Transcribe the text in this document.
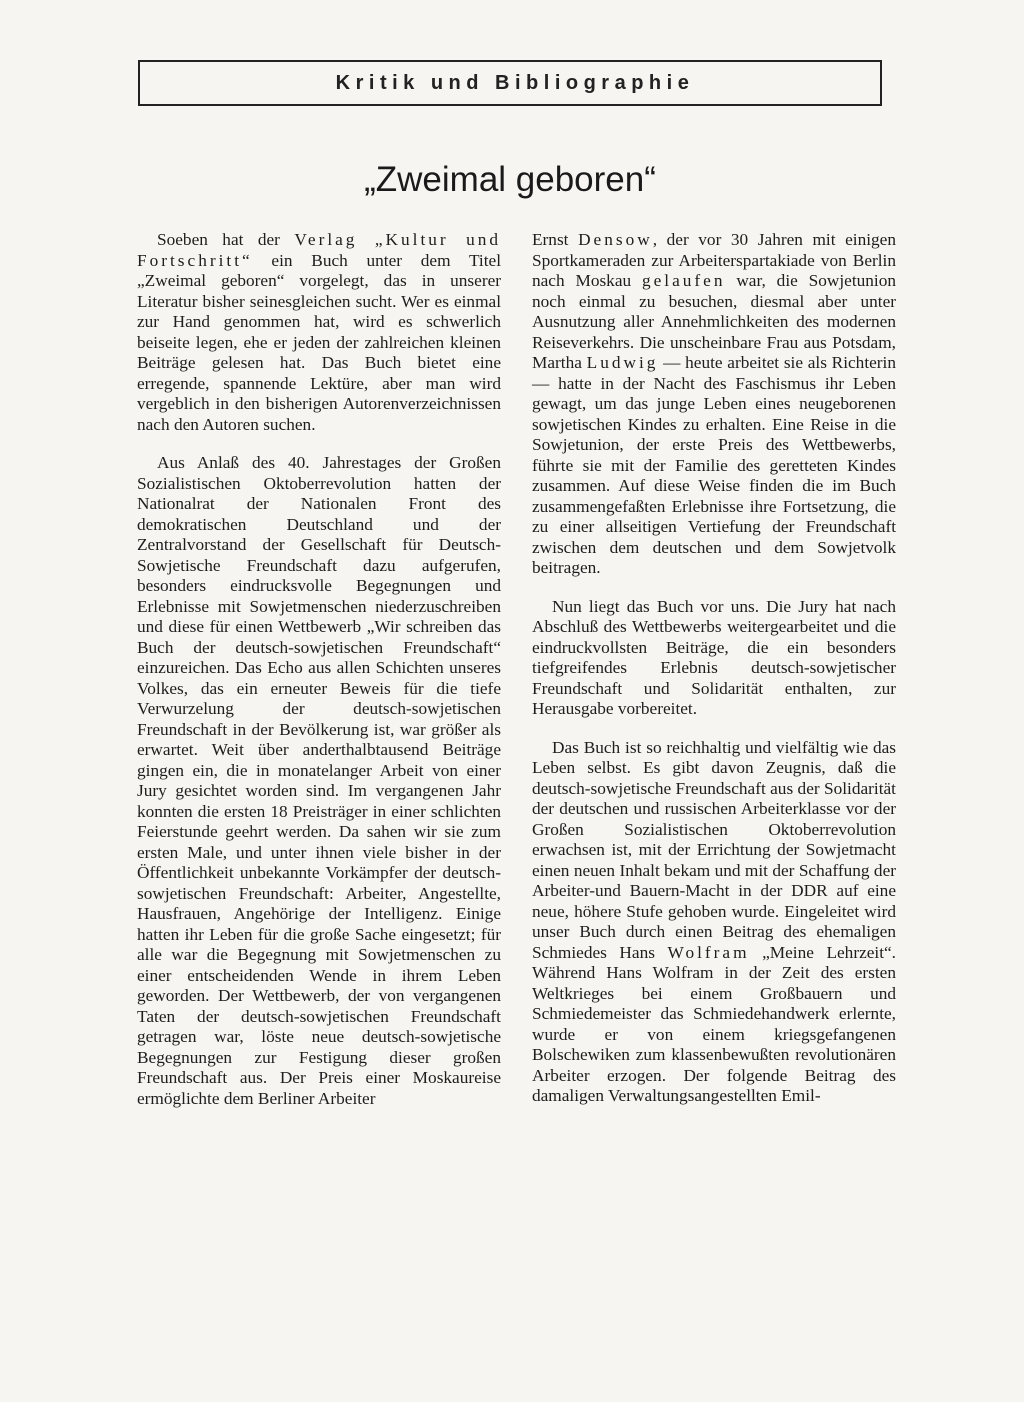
Kritik und Bibliographie
„Zweimal geboren“

Soeben hat der Verlag „Kultur und Fortschritt“ ein Buch unter dem Titel „Zweimal geboren“ vorgelegt, das in unserer Literatur bisher seinesgleichen sucht. Wer es einmal zur Hand genommen hat, wird es schwerlich beiseite legen, ehe er jeden der zahlreichen kleinen Beiträge gelesen hat. Das Buch bietet eine erregende, spannende Lektüre, aber man wird vergeblich in den bisherigen Autorenverzeichnissen nach den Autoren suchen.

Aus Anlaß des 40. Jahrestages der Großen Sozialistischen Oktoberrevolution hatten der Nationalrat der Nationalen Front des demokratischen Deutschland und der Zentralvorstand der Gesellschaft für Deutsch-Sowjetische Freundschaft dazu aufgerufen, besonders eindrucksvolle Begegnungen und Erlebnisse mit Sowjetmenschen niederzuschreiben und diese für einen Wettbewerb „Wir schreiben das Buch der deutsch-sowjetischen Freundschaft“ einzureichen. Das Echo aus allen Schichten unseres Volkes, das ein erneuter Beweis für die tiefe Verwurzelung der deutsch-sowjetischen Freundschaft in der Bevölkerung ist, war größer als erwartet. Weit über anderthalbtausend Beiträge gingen ein, die in monatelanger Arbeit von einer Jury gesichtet worden sind. Im vergangenen Jahr konnten die ersten 18 Preisträger in einer schlichten Feierstunde geehrt werden. Da sahen wir sie zum ersten Male, und unter ihnen viele bisher in der Öffentlichkeit unbekannte Vorkämpfer der deutsch-sowjetischen Freundschaft: Arbeiter, Angestellte, Hausfrauen, Angehörige der Intelligenz. Einige hatten ihr Leben für die große Sache eingesetzt; für alle war die Begegnung mit Sowjetmenschen zu einer entscheidenden Wende in ihrem Leben geworden. Der Wettbewerb, der von vergangenen Taten der deutsch-sowjetischen Freundschaft getragen war, löste neue deutsch-sowjetische Begegnungen zur Festigung dieser großen Freundschaft aus. Der Preis einer Moskaureise ermöglichte dem Berliner Arbeiter

Ernst Densow, der vor 30 Jahren mit einigen Sportkameraden zur Arbeiterspartakiade von Berlin nach Moskau gelaufen war, die Sowjetunion noch einmal zu besuchen, diesmal aber unter Ausnutzung aller Annehmlichkeiten des modernen Reiseverkehrs. Die unscheinbare Frau aus Potsdam, Martha Ludwig — heute arbeitet sie als Richterin — hatte in der Nacht des Faschismus ihr Leben gewagt, um das junge Leben eines neugeborenen sowjetischen Kindes zu erhalten. Eine Reise in die Sowjetunion, der erste Preis des Wettbewerbs, führte sie mit der Familie des geretteten Kindes zusammen. Auf diese Weise finden die im Buch zusammengefaßten Erlebnisse ihre Fortsetzung, die zu einer allseitigen Vertiefung der Freundschaft zwischen dem deutschen und dem Sowjetvolk beitragen.

Nun liegt das Buch vor uns. Die Jury hat nach Abschluß des Wettbewerbs weitergearbeitet und die eindruckvollsten Beiträge, die ein besonders tiefgreifendes Erlebnis deutsch-sowjetischer Freundschaft und Solidarität enthalten, zur Herausgabe vorbereitet.

Das Buch ist so reichhaltig und vielfältig wie das Leben selbst. Es gibt davon Zeugnis, daß die deutsch-sowjetische Freundschaft aus der Solidarität der deutschen und russischen Arbeiterklasse vor der Großen Sozialistischen Oktoberrevolution erwachsen ist, mit der Errichtung der Sowjetmacht einen neuen Inhalt bekam und mit der Schaffung der Arbeiter-und Bauern-Macht in der DDR auf eine neue, höhere Stufe gehoben wurde. Eingeleitet wird unser Buch durch einen Beitrag des ehemaligen Schmiedes Hans Wolfram „Meine Lehrzeit“. Während Hans Wolfram in der Zeit des ersten Weltkrieges bei einem Großbauern und Schmiedemeister das Schmiedehandwerk erlernte, wurde er von einem kriegsgefangenen Bolschewiken zum klassenbewußten revolutionären Arbeiter erzogen. Der folgende Beitrag des damaligen Verwaltungsangestellten Emil-
